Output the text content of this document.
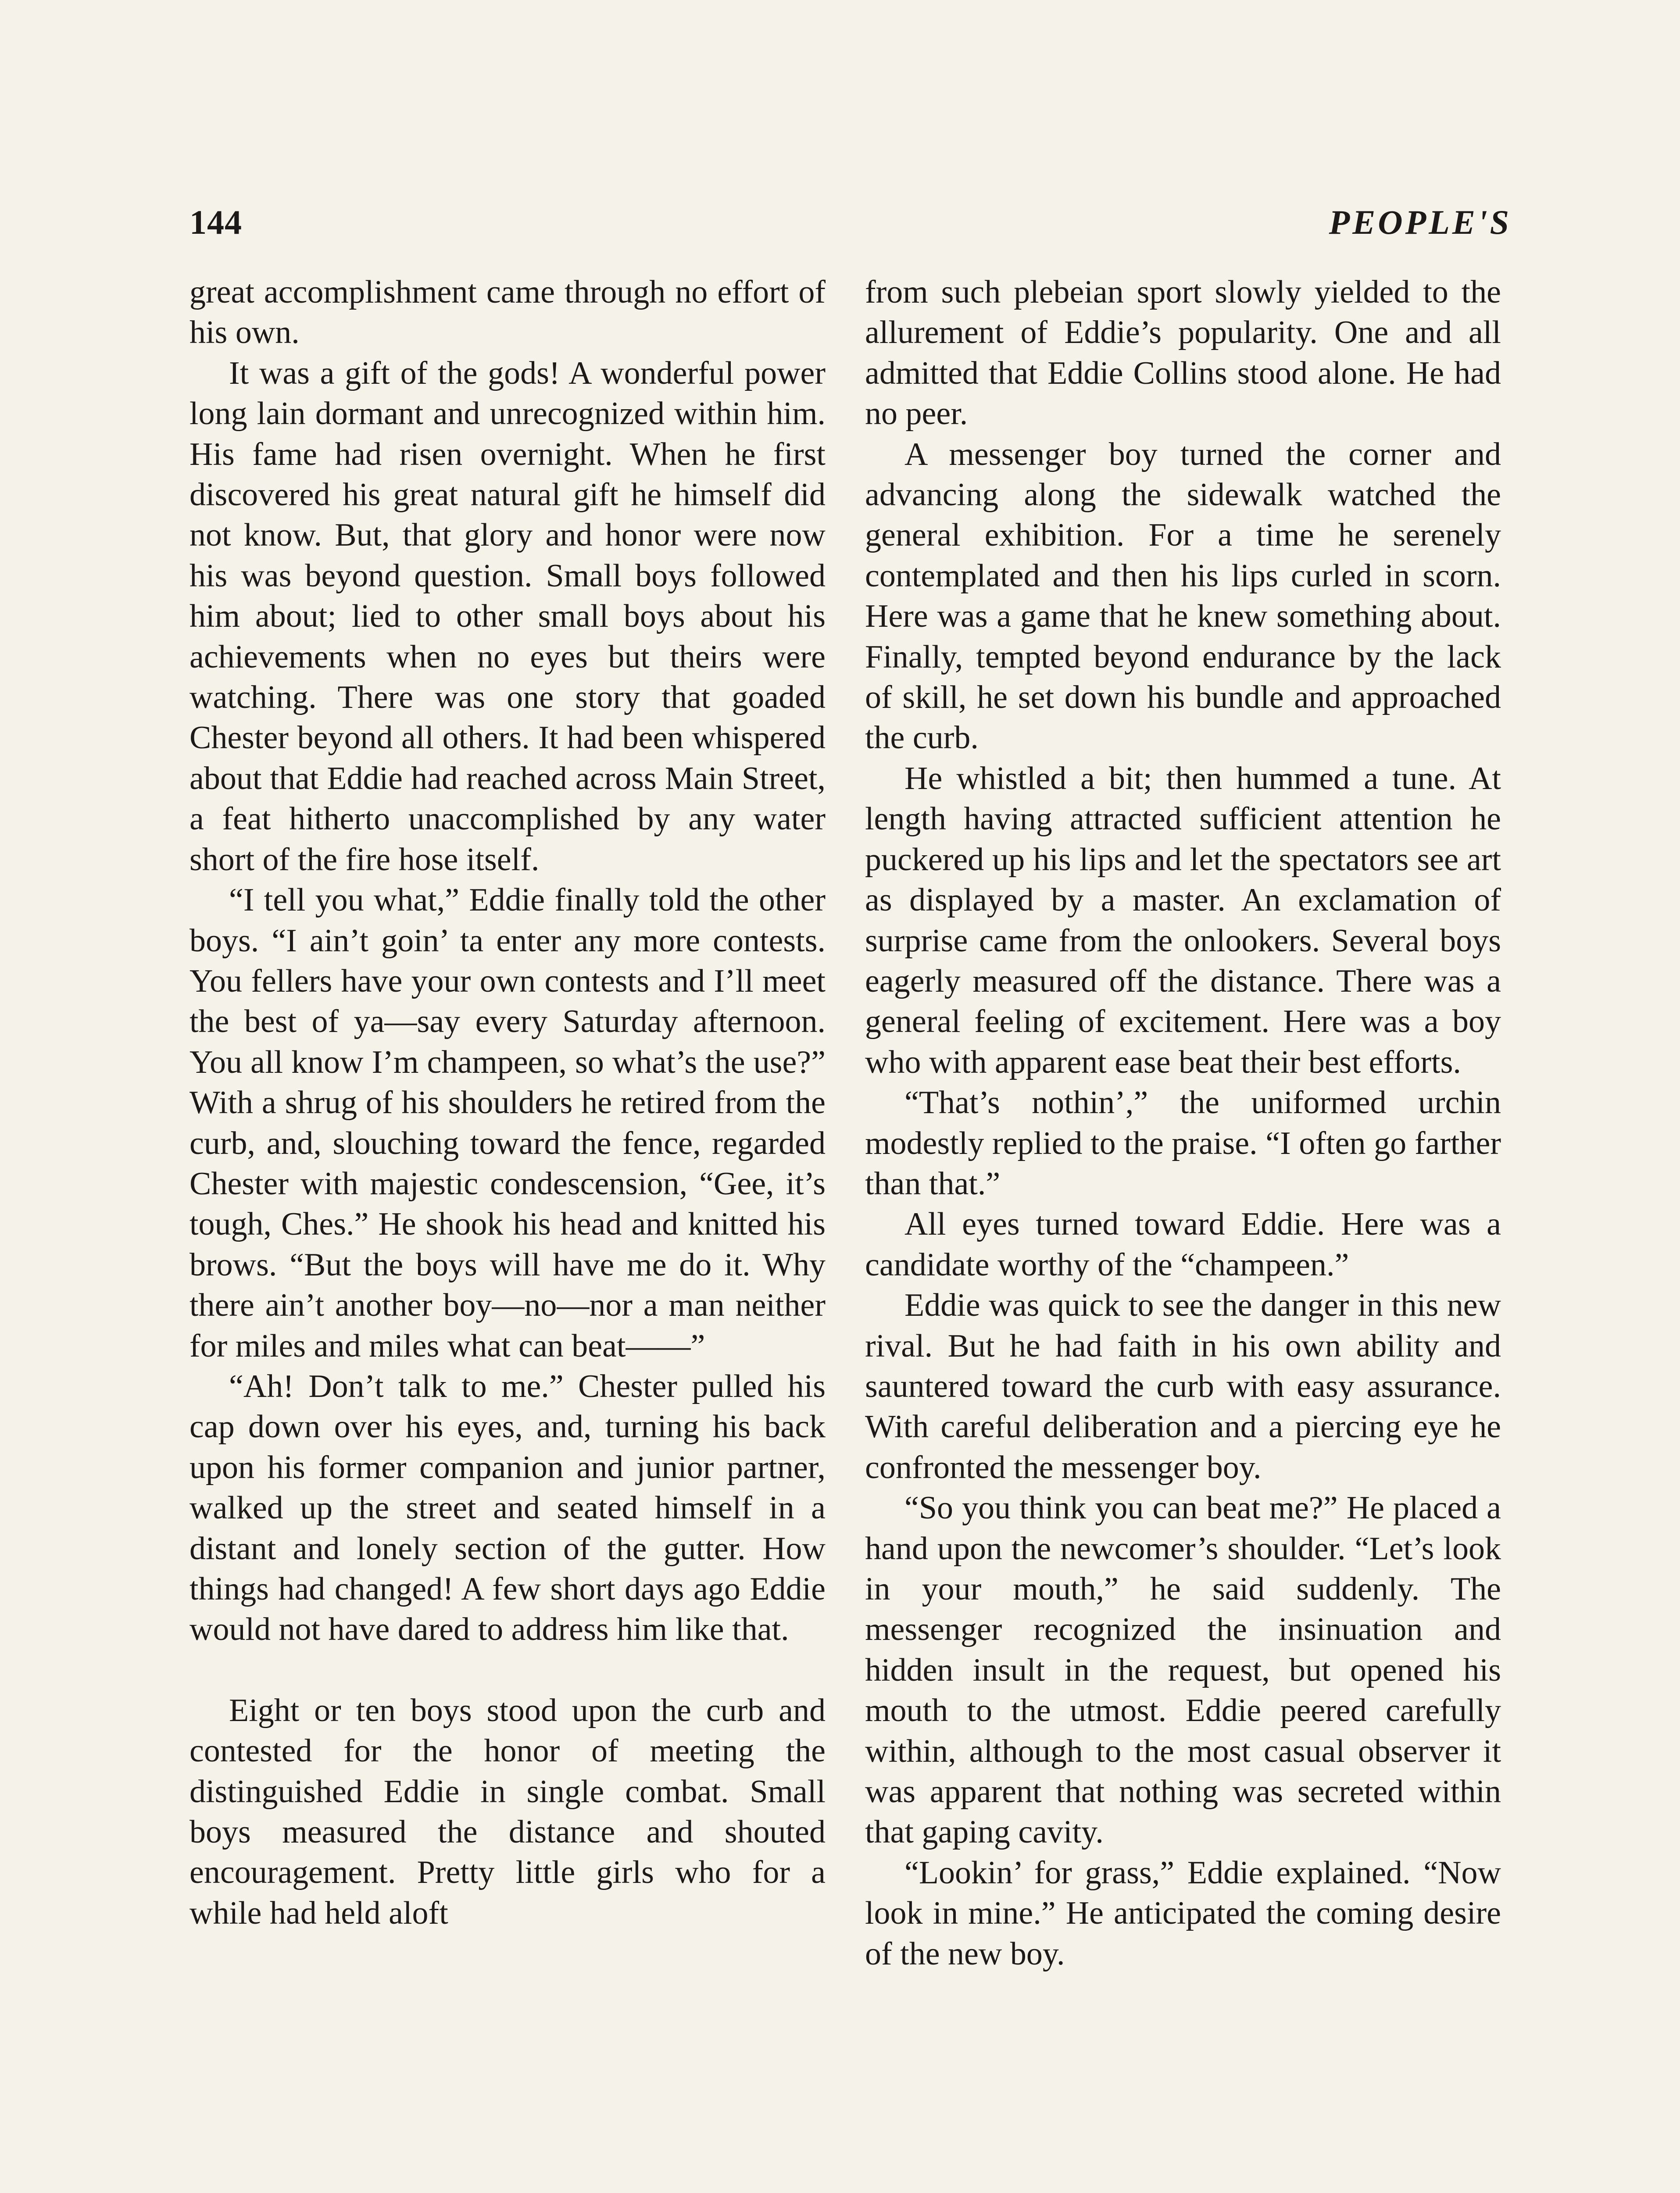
144	PEOPLE'S

great accomplishment came through no effort of his own.

It was a gift of the gods! A wonderful power long lain dormant and unrecognized within him. His fame had risen overnight. When he first discovered his great natural gift he himself did not know. But, that glory and honor were now his was beyond question. Small boys followed him about; lied to other small boys about his achievements when no eyes but theirs were watching. There was one story that goaded Chester beyond all others. It had been whispered about that Eddie had reached across Main Street, a feat hitherto unaccomplished by any water short of the fire hose itself.

“I tell you what,” Eddie finally told the other boys. “I ain’t goin’ ta enter any more contests. You fellers have your own contests and I’ll meet the best of ya—say every Saturday afternoon. You all know I’m champeen, so what’s the use?” With a shrug of his shoulders he retired from the curb, and, slouching toward the fence, regarded Chester with majestic condescension, “Gee, it’s tough, Ches.” He shook his head and knitted his brows. “But the boys will have me do it. Why there ain’t another boy—no—nor a man neither for miles and miles what can beat——”

“Ah! Don’t talk to me.” Chester pulled his cap down over his eyes, and, turning his back upon his former companion and junior partner, walked up the street and seated himself in a distant and lonely section of the gutter. How things had changed! A few short days ago Eddie would not have dared to address him like that.

Eight or ten boys stood upon the curb and contested for the honor of meeting the distinguished Eddie in single combat. Small boys measured the distance and shouted encouragement. Pretty little girls who for a while had held aloft

from such plebeian sport slowly yielded to the allurement of Eddie’s popularity. One and all admitted that Eddie Collins stood alone. He had no peer.

A messenger boy turned the corner and advancing along the sidewalk watched the general exhibition. For a time he serenely contemplated and then his lips curled in scorn. Here was a game that he knew something about. Finally, tempted beyond endurance by the lack of skill, he set down his bundle and approached the curb.

He whistled a bit; then hummed a tune. At length having attracted sufficient attention he puckered up his lips and let the spectators see art as displayed by a master. An exclamation of surprise came from the onlookers. Several boys eagerly measured off the distance. There was a general feeling of excitement. Here was a boy who with apparent ease beat their best efforts.

“That’s nothin’,” the uniformed urchin modestly replied to the praise. “I often go farther than that.”

All eyes turned toward Eddie. Here was a candidate worthy of the “champeen.”

Eddie was quick to see the danger in this new rival. But he had faith in his own ability and sauntered toward the curb with easy assurance. With careful deliberation and a piercing eye he confronted the messenger boy.

“So you think you can beat me?” He placed a hand upon the newcomer’s shoulder. “Let’s look in your mouth,” he said suddenly. The messenger recognized the insinuation and hidden insult in the request, but opened his mouth to the utmost. Eddie peered carefully within, although to the most casual observer it was apparent that nothing was secreted within that gaping cavity.

“Lookin’ for grass,” Eddie explained. “Now look in mine.” He anticipated the coming desire of the new boy.
